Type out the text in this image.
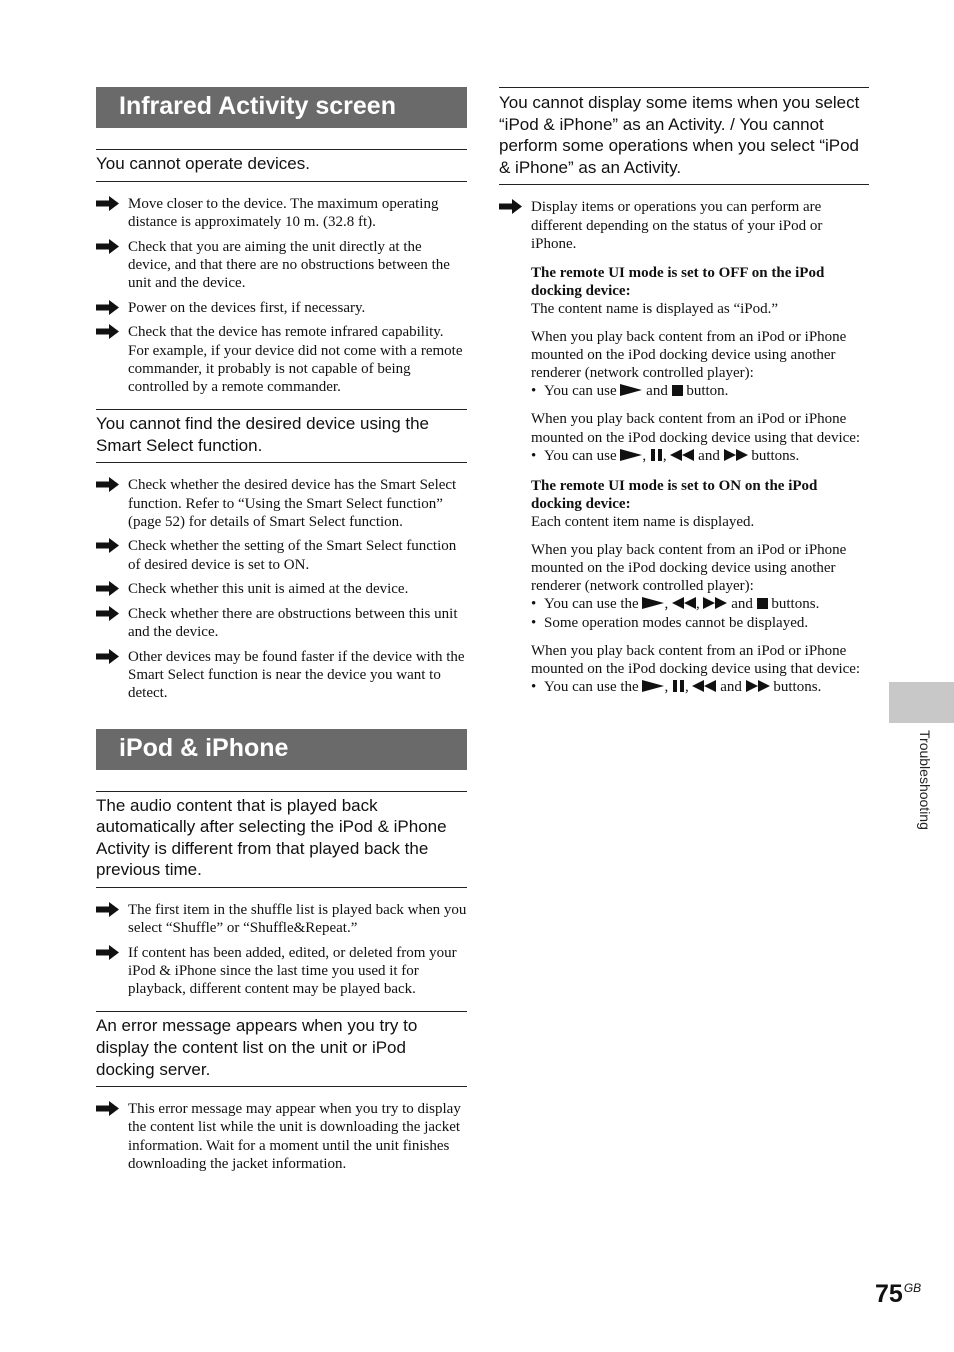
Infrared Activity screen
You cannot operate devices.
Move closer to the device. The maximum operating distance is approximately 10 m. (32.8 ft).
Check that you are aiming the unit directly at the device, and that there are no obstructions between the unit and the device.
Power on the devices first, if necessary.
Check that the device has remote infrared capability. For example, if your device did not come with a remote commander, it probably is not capable of being controlled by a remote commander.
You cannot find the desired device using the Smart Select function.
Check whether the desired device has the Smart Select function. Refer to “Using the Smart Select function” (page 52) for details of Smart Select function.
Check whether the setting of the Smart Select function of desired device is set to ON.
Check whether this unit is aimed at the device.
Check whether there are obstructions between this unit and the device.
Other devices may be found faster if the device with the Smart Select function is near the device you want to detect.
iPod & iPhone
The audio content that is played back automatically after selecting the iPod & iPhone Activity is different from that played back the previous time.
The first item in the shuffle list is played back when you select “Shuffle” or “Shuffle&Repeat.”
If content has been added, edited, or deleted from your iPod & iPhone since the last time you used it for playback, different content may be played back.
An error message appears when you try to display the content list on the unit or iPod docking server.
This error message may appear when you try to display the content list while the unit is downloading the jacket information. Wait for a moment until the unit finishes downloading the jacket information.
You cannot display some items when you select “iPod & iPhone” as an Activity. / You cannot perform some operations when you select “iPod & iPhone” as an Activity.
Display items or operations you can perform are different depending on the status of your iPod or iPhone.
The remote UI mode is set to OFF on the iPod docking device:
The content name is displayed as “iPod.”
When you play back content from an iPod or iPhone mounted on the iPod docking device using another renderer (network controlled player):
• You can use and button.
When you play back content from an iPod or iPhone mounted on the iPod docking device using that device:
• You can use , ,  and buttons.
The remote UI mode is set to ON on the iPod docking device:
Each content item name is displayed.
When you play back content from an iPod or iPhone mounted on the iPod docking device using another renderer (network controlled player):
• You can use the , ,  and buttons.
• Some operation modes cannot be displayed.
When you play back content from an iPod or iPhone mounted on the iPod docking device using that device:
• You can use the , ,  and buttons.
Troubleshooting
$75^{GB}$
